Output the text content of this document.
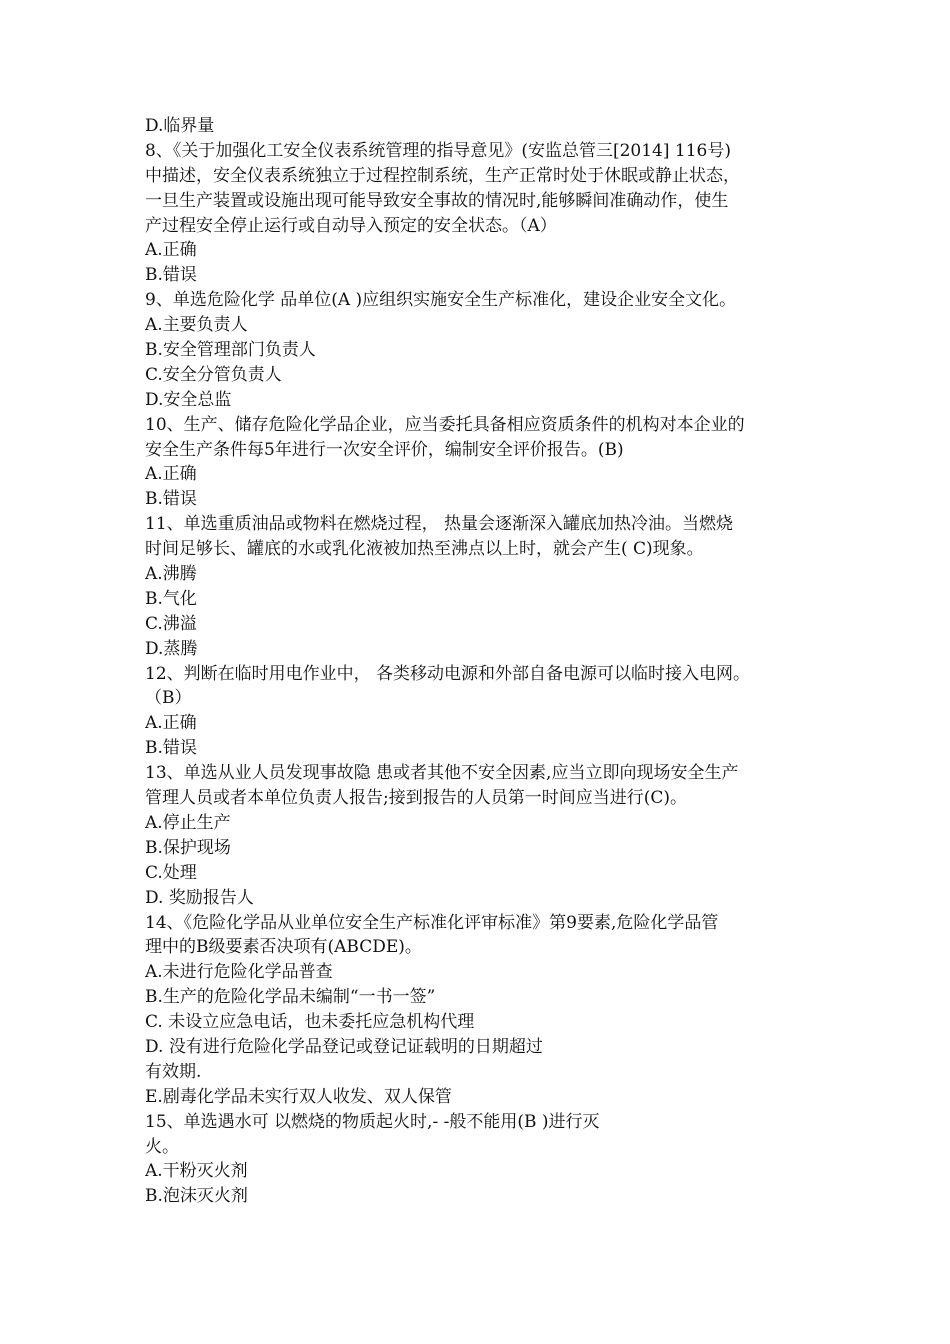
D.临界量
8、《关于加强化工安全仪表系统管理的指导意见》(安监总管三[2014] 116号)
中描述，安全仪表系统独立于过程控制系统，生产正常时处于休眠或静止状态，
一旦生产装置或设施出现可能导致安全事故的情况时,能够瞬间准确动作，使生
产过程安全停止运行或自动导入预定的安全状态。（A）
A.正确
B.错误
9、单选危险化学 品单位(A )应组织实施安全生产标准化，建设企业安全文化。
A.主要负责人
B.安全管理部门负责人
C.安全分管负责人
D.安全总监
10、生产、储存危险化学品企业，应当委托具备相应资质条件的机构对本企业的
安全生产条件每5年进行一次安全评价，编制安全评价报告。(B)
A.正确
B.错误
11、单选重质油品或物料在燃烧过程， 热量会逐渐深入罐底加热冷油。当燃烧
时间足够长、罐底的水或乳化液被加热至沸点以上时，就会产生( C)现象。
A.沸腾
B.气化
C.沸溢
D.蒸腾
12、判断在临时用电作业中， 各类移动电源和外部自备电源可以临时接入电网。
（B）
A.正确
B.错误
13、单选从业人员发现事故隐 患或者其他不安全因素,应当立即向现场安全生产
管理人员或者本单位负责人报告;接到报告的人员第一时间应当进行(C)。
A.停止生产
B.保护现场
C.处理
D. 奖励报告人
14、《危险化学品从业单位安全生产标准化评审标准》第9要素,危险化学品管
理中的B级要素否决项有(ABCDE)。
A.未进行危险化学品普查
B.生产的危险化学品未编制“一书一签”
C. 未设立应急电话，也未委托应急机构代理
D. 没有进行危险化学品登记或登记证载明的日期超过
有效期.
E.剧毒化学品未实行双人收发、双人保管
15、单选遇水可 以燃烧的物质起火时,- -般不能用(B )进行灭
火。
A.干粉灭火剂
B.泡沫灭火剂
